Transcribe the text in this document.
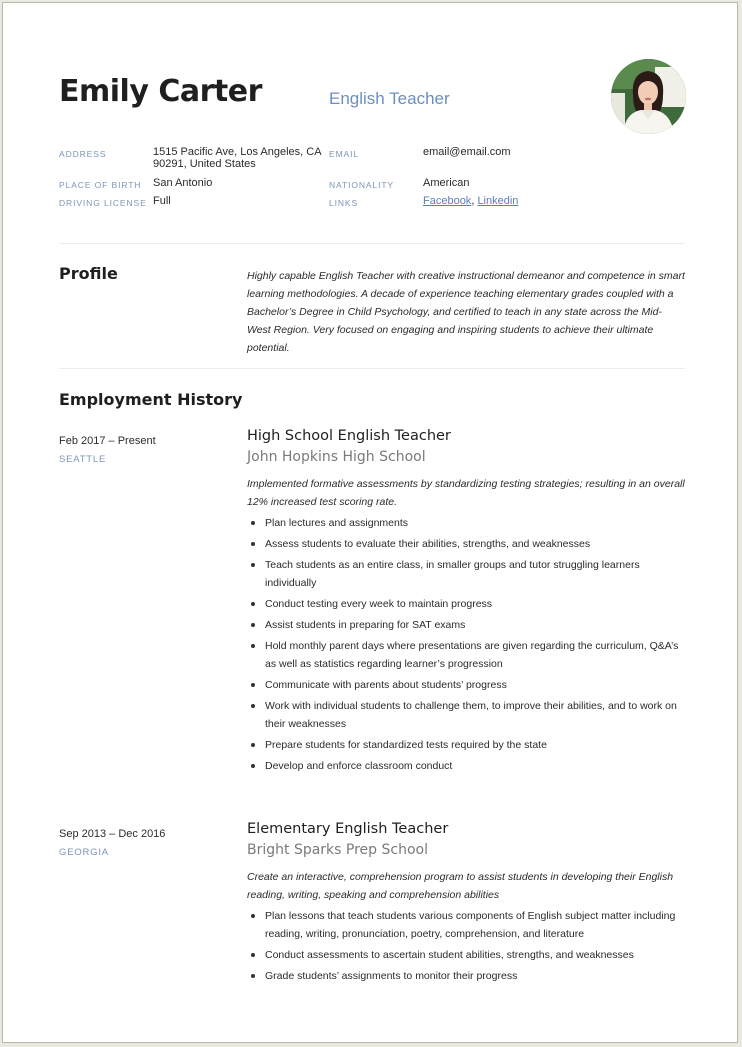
Emily Carter	English Teacher
ADDRESS	1515 Pacific Ave, Los Angeles, CA
90291, United States
EMAIL	email@email.com
PLACE OF BIRTH San Antonio	NATIONALITY	American
DRIVING LICENSE Full	LINKS	Facebook, Linkedin
Profile	Highly capable English Teacher with creative instructional demeanor and competence in smart learning methodologies. A decade of experience teaching elementary grades coupled with a Bachelor’s Degree in Child Psychology, and certified to teach in any state across the Mid-West Region. Very focused on engaging and inspiring students to achieve their ultimate potential.

Employment History
Feb 2017 – Present
SEATTLE
High School English Teacher
John Hopkins High School

Implemented formative assessments by standardizing testing strategies; resulting in an overall 12% increased test scoring rate.

Plan lectures and assignments
Assess students to evaluate their abilities, strengths, and weaknesses
Teach students as an entire class, in smaller groups and tutor struggling learners individually
Conduct testing every week to maintain progress
Assist students in preparing for SAT exams
Hold monthly parent days where presentations are given regarding the curriculum, Q&A’s as well as statistics regarding learner’s progression
Communicate with parents about students’ progress
Work with individual students to challenge them, to improve their abilities, and to work on their weaknesses
Prepare students for standardized tests required by the state
Develop and enforce classroom conduct
Sep 2013 – Dec 2016
GEORGIA
Elementary English Teacher
Bright Sparks Prep School

Create an interactive, comprehension program to assist students in developing their English reading, writing, speaking and comprehension abilities

Plan lessons that teach students various components of English subject matter including reading, writing, pronunciation, poetry, comprehension, and literature
Conduct assessments to ascertain student abilities, strengths, and weaknesses
Grade students’ assignments to monitor their progress
